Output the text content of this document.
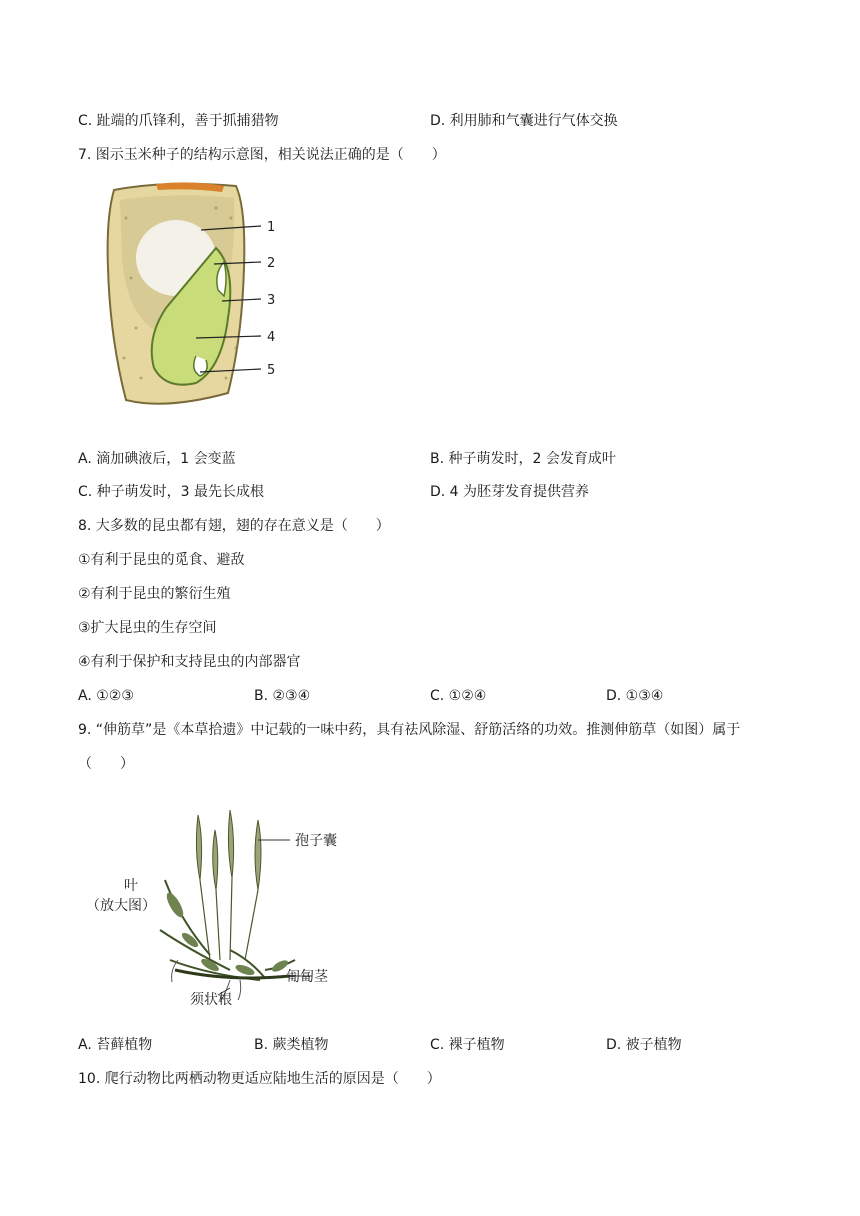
C. 趾端的爪锋利，善于抓捕猎物	D. 利用肺和气囊进行气体交换
7. 图示玉米种子的结构示意图，相关说法正确的是（　　）
1
2
3
4
5
A. 滴加碘液后，1 会变蓝	B. 种子萌发时，2 会发育成叶
C. 种子萌发时，3 最先长成根	D. 4 为胚芽发育提供营养
8. 大多数的昆虫都有翅，翅的存在意义是（　　）
①有利于昆虫的觅食、避敌
②有利于昆虫的繁衍生殖
③扩大昆虫的生存空间
④有利于保护和支持昆虫的内部器官
A. ①②③	B. ②③④	C. ①②④	D. ①③④
9. “伸筋草”是《本草拾遗》中记载的一味中药，具有祛风除湿、舒筋活络的功效。推测伸筋草（如图）属于
（　　）
孢子囊
叶
（放大图）
匍匐茎
须状根
A. 苔藓植物	B. 蕨类植物	C. 裸子植物	D. 被子植物
10. 爬行动物比两栖动物更适应陆地生活的原因是（　　）
